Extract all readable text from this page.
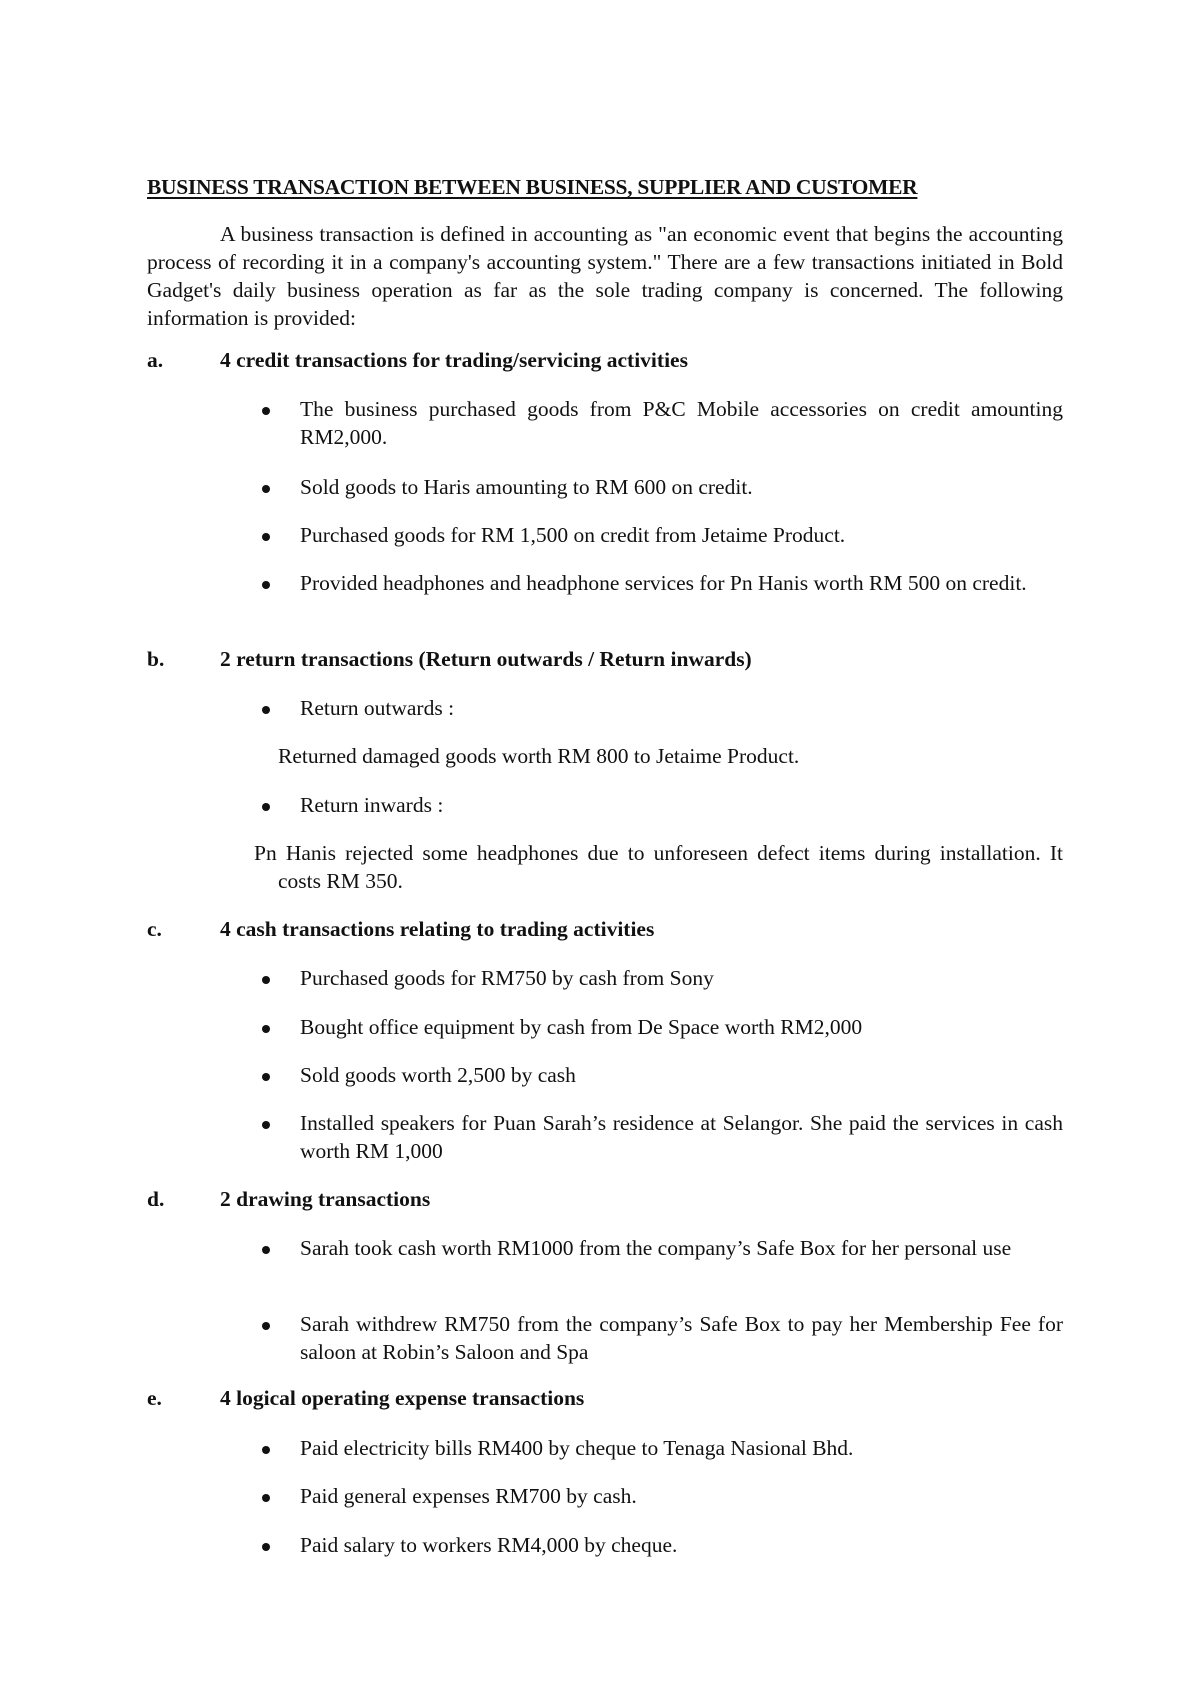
BUSINESS TRANSACTION BETWEEN BUSINESS, SUPPLIER AND CUSTOMER

A business transaction is defined in accounting as "an economic event that begins the accounting process of recording it in a company's accounting system." There are a few transactions initiated in Bold Gadget's daily business operation as far as the sole trading company is concerned. The following information is provided:

a.	4 credit transactions for trading/servicing activities
The business purchased goods from P&C Mobile accessories on credit amounting RM2,000.
Sold goods to Haris amounting to RM 600 on credit.
Purchased goods for RM 1,500 on credit from Jetaime Product.
Provided headphones and headphone services for Pn Hanis worth RM 500 on credit.
b.	2 return transactions (Return outwards / Return inwards)
Return outwards :
Returned damaged goods worth RM 800 to Jetaime Product.
Return inwards :

Pn Hanis rejected some headphones due to unforeseen defect items during installation. It costs RM 350.

c.	4 cash transactions relating to trading activities
Purchased goods for RM750 by cash from Sony
Bought office equipment by cash from De Space worth RM2,000
Sold goods worth 2,500 by cash
Installed speakers for Puan Sarah’s residence at Selangor. She paid the services in cash worth RM 1,000
d.	2 drawing transactions
Sarah took cash worth RM1000 from the company’s Safe Box for her personal use
Sarah withdrew RM750 from the company’s Safe Box to pay her Membership Fee for saloon at Robin’s Saloon and Spa
e.	4 logical operating expense transactions
Paid electricity bills RM400 by cheque to Tenaga Nasional Bhd.
Paid general expenses RM700 by cash.
Paid salary to workers RM4,000 by cheque.
